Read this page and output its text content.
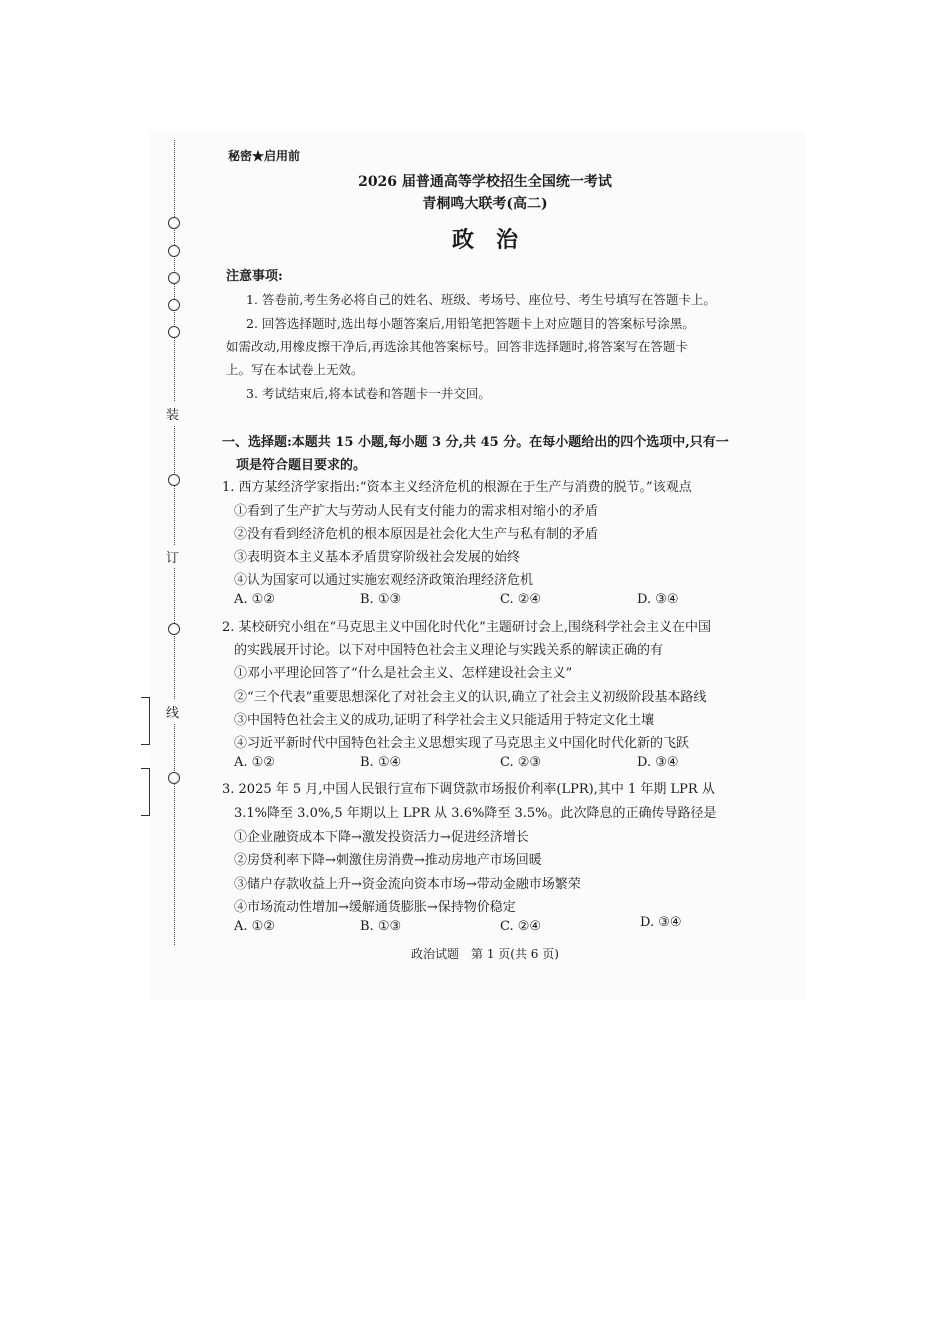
装
订
线
秘密★启用前
2026 届普通高等学校招生全国统一考试
青桐鸣大联考(高二)
政　治
注意事项:
1. 答卷前,考生务必将自己的姓名、班级、考场号、座位号、考生号填写在答题卡上。
2. 回答选择题时,选出每小题答案后,用铅笔把答题卡上对应题目的答案标号涂黑。
如需改动,用橡皮擦干净后,再选涂其他答案标号。回答非选择题时,将答案写在答题卡
上。写在本试卷上无效。
3. 考试结束后,将本试卷和答题卡一并交回。
一、选择题:本题共 15 小题,每小题 3 分,共 45 分。在每小题给出的四个选项中,只有一
项是符合题目要求的。
1. 西方某经济学家指出:“资本主义经济危机的根源在于生产与消费的脱节。”该观点
①看到了生产扩大与劳动人民有支付能力的需求相对缩小的矛盾
②没有看到经济危机的根本原因是社会化大生产与私有制的矛盾
③表明资本主义基本矛盾贯穿阶级社会发展的始终
④认为国家可以通过实施宏观经济政策治理经济危机
A. ①②	B. ①③	C. ②④	D. ③④
2. 某校研究小组在“马克思主义中国化时代化”主题研讨会上,围绕科学社会主义在中国
的实践展开讨论。以下对中国特色社会主义理论与实践关系的解读正确的有
①邓小平理论回答了“什么是社会主义、怎样建设社会主义”
②“三个代表”重要思想深化了对社会主义的认识,确立了社会主义初级阶段基本路线
③中国特色社会主义的成功,证明了科学社会主义只能适用于特定文化土壤
④习近平新时代中国特色社会主义思想实现了马克思主义中国化时代化新的飞跃
A. ①②	B. ①④	C. ②③	D. ③④
3. 2025 年 5 月,中国人民银行宣布下调贷款市场报价利率(LPR),其中 1 年期 LPR 从
3.1%降至 3.0%,5 年期以上 LPR 从 3.6%降至 3.5%。此次降息的正确传导路径是
①企业融资成本下降→激发投资活力→促进经济增长
②房贷利率下降→刺激住房消费→推动房地产市场回暖
③储户存款收益上升→资金流向资本市场→带动金融市场繁荣
④市场流动性增加→缓解通货膨胀→保持物价稳定
A. ①②	B. ①③	C. ②④	D. ③④
政治试题　第 1 页(共 6 页)
